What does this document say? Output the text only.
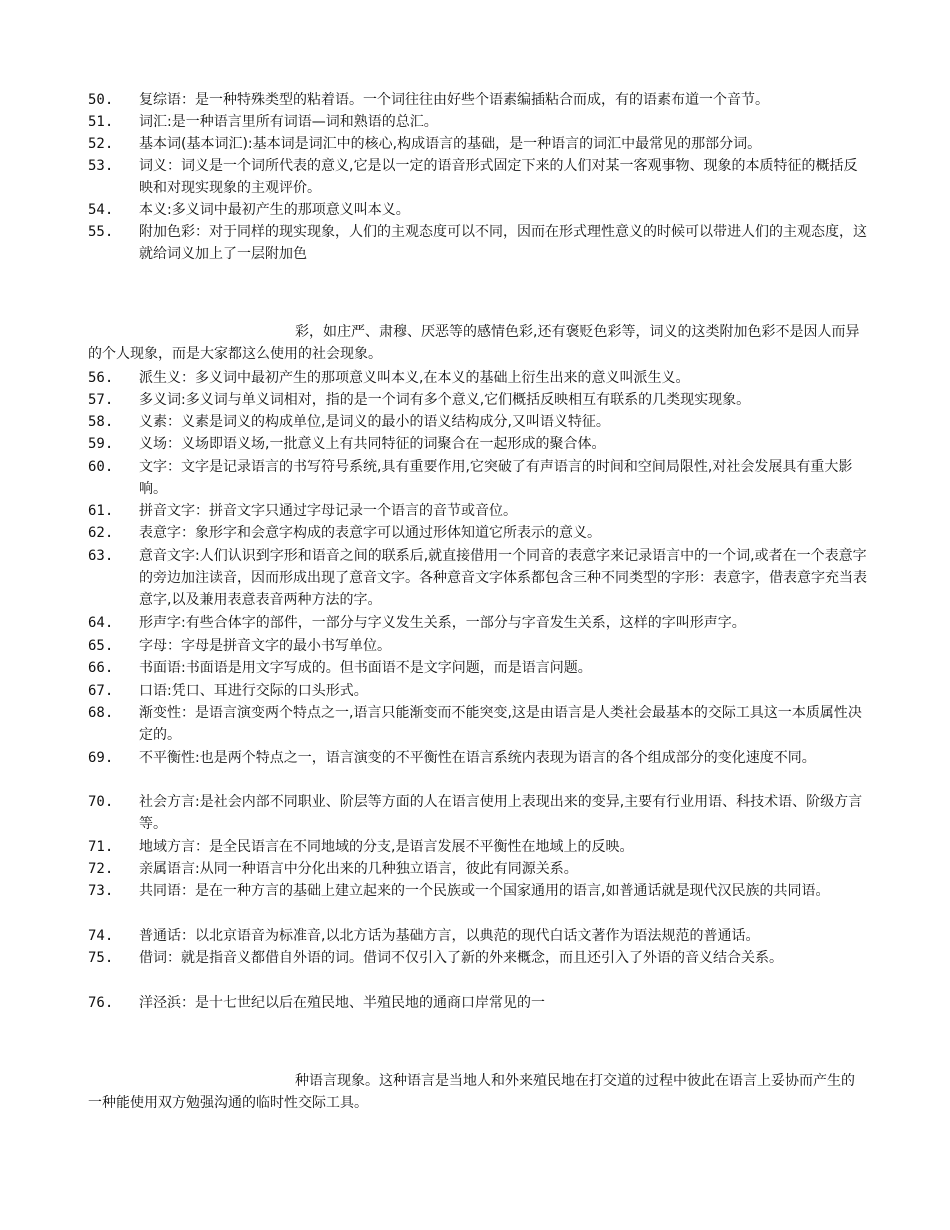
50. 复综语：是一种特殊类型的粘着语。一个词往往由好些个语素编插粘合而成，有的语素布道一个音节。
51. 词汇:是一种语言里所有词语—词和熟语的总汇。
52. 基本词(基本词汇):基本词是词汇中的核心,构成语言的基础，是一种语言的词汇中最常见的那部分词。
53. 词义：词义是一个词所代表的意义,它是以一定的语音形式固定下来的人们对某一客观事物、现象的本质特征的概括反映和对现实现象的主观评价。
54. 本义:多义词中最初产生的那项意义叫本义。
55. 附加色彩：对于同样的现实现象，人们的主观态度可以不同，因而在形式理性意义的时候可以带进人们的主观态度，这就给词义加上了一层附加色
彩，如庄严、肃穆、厌恶等的感情色彩,还有褒贬色彩等，词义的这类附加色彩不是因人而异的个人现象，而是大家都这么使用的社会现象。
56. 派生义：多义词中最初产生的那项意义叫本义,在本义的基础上衍生出来的意义叫派生义。
57. 多义词:多义词与单义词相对，指的是一个词有多个意义,它们概括反映相互有联系的几类现实现象。
58. 义素：义素是词义的构成单位,是词义的最小的语义结构成分,又叫语义特征。
59. 义场：义场即语义场,一批意义上有共同特征的词聚合在一起形成的聚合体。
60. 文字：文字是记录语言的书写符号系统,具有重要作用,它突破了有声语言的时间和空间局限性,对社会发展具有重大影响。
61. 拼音文字：拼音文字只通过字母记录一个语言的音节或音位。
62. 表意字：象形字和会意字构成的表意字可以通过形体知道它所表示的意义。
63. 意音文字:人们认识到字形和语音之间的联系后,就直接借用一个同音的表意字来记录语言中的一个词,或者在一个表意字的旁边加注读音，因而形成出现了意音文字。各种意音文字体系都包含三种不同类型的字形：表意字，借表意字充当表意字,以及兼用表意表音两种方法的字。
64. 形声字:有些合体字的部件，一部分与字义发生关系，一部分与字音发生关系，这样的字叫形声字。
65. 字母：字母是拼音文字的最小书写单位。
66. 书面语:书面语是用文字写成的。但书面语不是文字问题，而是语言问题。
67. 口语:凭口、耳进行交际的口头形式。
68. 渐变性：是语言演变两个特点之一,语言只能渐变而不能突变,这是由语言是人类社会最基本的交际工具这一本质属性决定的。
69. 不平衡性:也是两个特点之一，语言演变的不平衡性在语言系统内表现为语言的各个组成部分的变化速度不同。
70. 社会方言:是社会内部不同职业、阶层等方面的人在语言使用上表现出来的变异,主要有行业用语、科技术语、阶级方言等。
71. 地域方言：是全民语言在不同地域的分支,是语言发展不平衡性在地域上的反映。
72. 亲属语言:从同一种语言中分化出来的几种独立语言，彼此有同源关系。
73. 共同语：是在一种方言的基础上建立起来的一个民族或一个国家通用的语言,如普通话就是现代汉民族的共同语。
74. 普通话：以北京语音为标准音,以北方话为基础方言，以典范的现代白话文著作为语法规范的普通话。
75. 借词：就是指音义都借自外语的词。借词不仅引入了新的外来概念，而且还引入了外语的音义结合关系。
76. 洋泾浜：是十七世纪以后在殖民地、半殖民地的通商口岸常见的一
种语言现象。这种语言是当地人和外来殖民地在打交道的过程中彼此在语言上妥协而产生的一种能使用双方勉强沟通的临时性交际工具。
